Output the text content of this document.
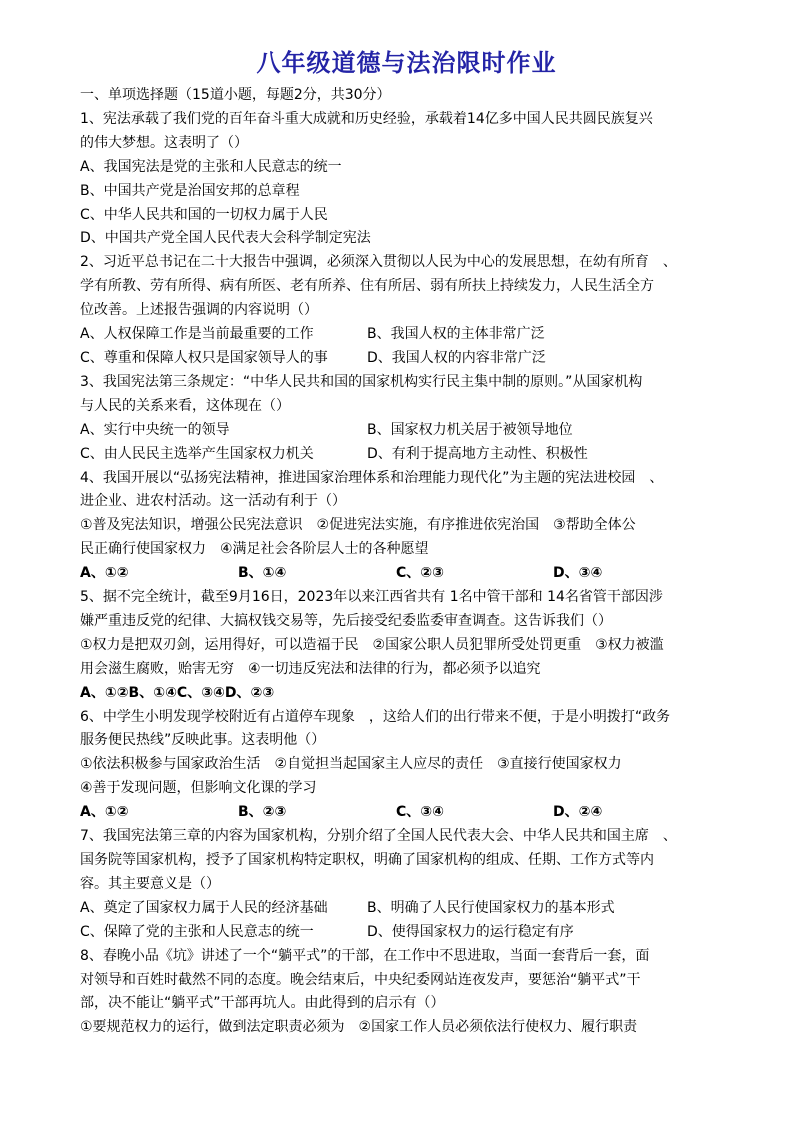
八年级道德与法治限时作业
一、单项选择题（15道小题，每题2分，共30分）
1、宪法承载了我们党的百年奋斗重大成就和历史经验，承载着14亿多中国人民共圆民族复兴
的伟大梦想。这表明了（）
A、我国宪法是党的主张和人民意志的统一
B、中国共产党是治国安邦的总章程
C、中华人民共和国的一切权力属于人民
D、中国共产党全国人民代表大会科学制定宪法
2、习近平总书记在二十大报告中强调，必须深入贯彻以人民为中心的发展思想，在幼有所育　、
学有所教、劳有所得、病有所医、老有所养、住有所居、弱有所扶上持续发力，人民生活全方
位改善。上述报告强调的内容说明（）
A、人权保障工作是当前最重要的工作	B、我国人权的主体非常广泛
C、尊重和保障人权只是国家领导人的事	D、我国人权的内容非常广泛
3、我国宪法第三条规定：“中华人民共和国的国家机构实行民主集中制的原则。”从国家机构
与人民的关系来看，这体现在（）
A、实行中央统一的领导	B、国家权力机关居于被领导地位
C、由人民民主选举产生国家权力机关	D、有利于提高地方主动性、积极性
4、我国开展以“弘扬宪法精神，推进国家治理体系和治理能力现代化”为主题的宪法进校园　、
进企业、进农村活动。这一活动有利于（）
①普及宪法知识，增强公民宪法意识　②促进宪法实施，有序推进依宪治国　③帮助全体公
民正确行使国家权力　④满足社会各阶层人士的各种愿望
A、①②	B、①④	C、②③	D、③④
5、据不完全统计，截至9月16日，2023年以来江西省共有 1名中管干部和 14名省管干部因涉
嫌严重违反党的纪律、大搞权钱交易等，先后接受纪委监委审查调查。这告诉我们（）
①权力是把双刃剑，运用得好，可以造福于民　②国家公职人员犯罪所受处罚更重　③权力被滥
用会滋生腐败，贻害无穷　④一切违反宪法和法律的行为，都必须予以追究
A、①②B、①④C、③④D、②③
6、中学生小明发现学校附近有占道停车现象　，这给人们的出行带来不便，于是小明拨打“政务
服务便民热线”反映此事。这表明他（）
①依法积极参与国家政治生活　②自觉担当起国家主人应尽的责任　③直接行使国家权力
④善于发现问题，但影响文化课的学习
A、①②	B、②③	C、③④	D、②④
7、我国宪法第三章的内容为国家机构，分别介绍了全国人民代表大会、中华人民共和国主席　、
国务院等国家机构，授予了国家机构特定职权，明确了国家机构的组成、任期、工作方式等内
容。其主要意义是（）
A、奠定了国家权力属于人民的经济基础	B、明确了人民行使国家权力的基本形式
C、保障了党的主张和人民意志的统一	D、使得国家权力的运行稳定有序
8、春晚小品《坑》讲述了一个“躺平式”的干部，在工作中不思进取，当面一套背后一套，面
对领导和百姓时截然不同的态度。晚会结束后，中央纪委网站连夜发声，要惩治“躺平式”干
部，决不能让“躺平式”干部再坑人。由此得到的启示有（）
①要规范权力的运行，做到法定职责必须为　②国家工作人员必须依法行使权力、履行职责
